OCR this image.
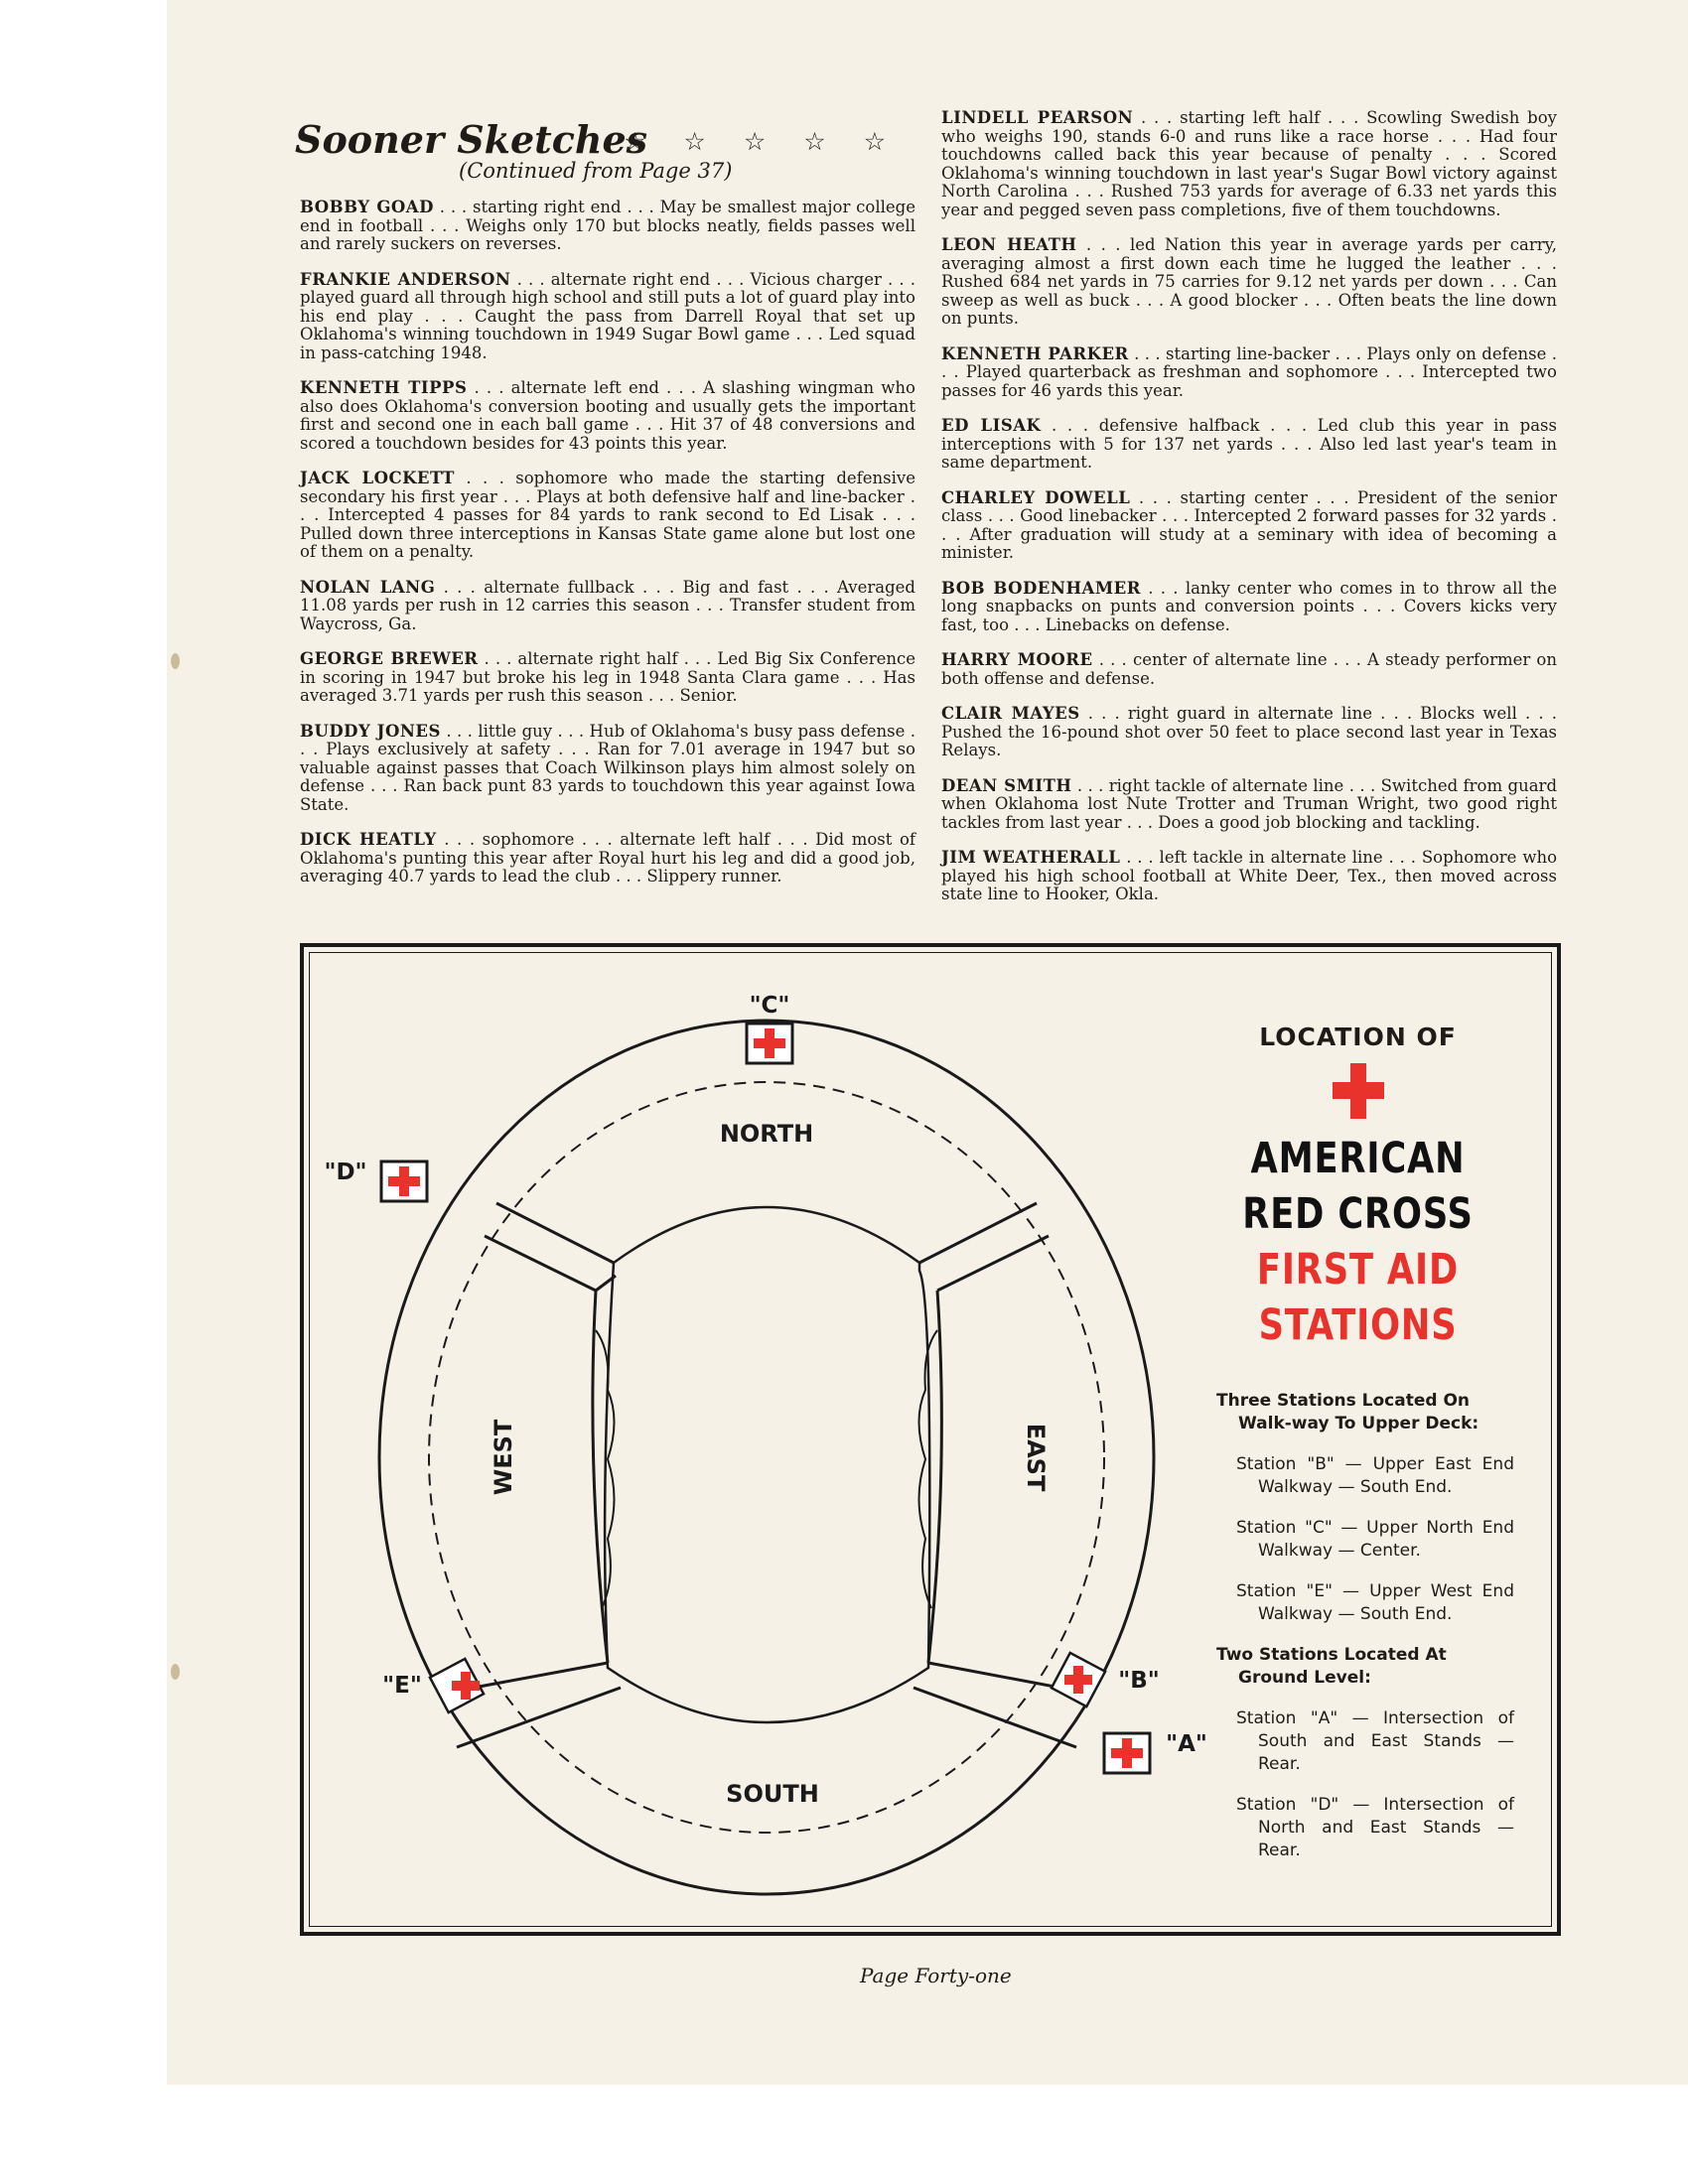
Sooner Sketches
☆☆☆☆☆
(Continued from Page 37)

BOBBY GOAD . . . starting right end . . . May be smallest major college end in football . . . Weighs only 170 but blocks neatly, fields passes well and rarely suckers on reverses.

FRANKIE ANDERSON . . . alternate right end . . . Vicious charger . . . played guard all through high school and still puts a lot of guard play into his end play . . . Caught the pass from Darrell Royal that set up Oklahoma's winning touchdown in 1949 Sugar Bowl game . . . Led squad in pass-catching 1948.

KENNETH TIPPS . . . alternate left end . . . A slashing wingman who also does Oklahoma's conversion booting and usually gets the important first and second one in each ball game . . . Hit 37 of 48 conversions and scored a touchdown besides for 43 points this year.

JACK LOCKETT . . . sophomore who made the starting defensive secondary his first year . . . Plays at both defensive half and line-backer . . . Intercepted 4 passes for 84 yards to rank second to Ed Lisak . . . Pulled down three interceptions in Kansas State game alone but lost one of them on a penalty.

NOLAN LANG . . . alternate fullback . . . Big and fast . . . Averaged 11.08 yards per rush in 12 carries this season . . . Transfer student from Waycross, Ga.

GEORGE BREWER . . . alternate right half . . . Led Big Six Conference in scoring in 1947 but broke his leg in 1948 Santa Clara game . . . Has averaged 3.71 yards per rush this season . . . Senior.

BUDDY JONES . . . little guy . . . Hub of Oklahoma's busy pass defense . . . Plays exclusively at safety . . . Ran for 7.01 average in 1947 but so valuable against passes that Coach Wilkinson plays him almost solely on defense . . . Ran back punt 83 yards to touchdown this year against Iowa State.

DICK HEATLY . . . sophomore . . . alternate left half . . . Did most of Oklahoma's punting this year after Royal hurt his leg and did a good job, averaging 40.7 yards to lead the club . . . Slippery runner.

LINDELL PEARSON . . . starting left half . . . Scowling Swedish boy who weighs 190, stands 6-0 and runs like a race horse . . . Had four touchdowns called back this year because of penalty . . . Scored Oklahoma's winning touchdown in last year's Sugar Bowl victory against North Carolina . . . Rushed 753 yards for average of 6.33 net yards this year and pegged seven pass completions, five of them touchdowns.

LEON HEATH . . . led Nation this year in average yards per carry, averaging almost a first down each time he lugged the leather . . . Rushed 684 net yards in 75 carries for 9.12 net yards per down . . . Can sweep as well as buck . . . A good blocker . . . Often beats the line down on punts.

KENNETH PARKER . . . starting line-backer . . . Plays only on defense . . . Played quarterback as freshman and sophomore . . . Intercepted two passes for 46 yards this year.

ED LISAK . . . defensive halfback . . . Led club this year in pass interceptions with 5 for 137 net yards . . . Also led last year's team in same department.

CHARLEY DOWELL . . . starting center . . . President of the senior class . . . Good linebacker . . . Intercepted 2 forward passes for 32 yards . . . After graduation will study at a seminary with idea of becoming a minister.

BOB BODENHAMER . . . lanky center who comes in to throw all the long snapbacks on punts and conversion points . . . Covers kicks very fast, too . . . Linebacks on defense.

HARRY MOORE . . . center of alternate line . . . A steady performer on both offense and defense.

CLAIR MAYES . . . right guard in alternate line . . . Blocks well . . . Pushed the 16-pound shot over 50 feet to place second last year in Texas Relays.

DEAN SMITH . . . right tackle of alternate line . . . Switched from guard when Oklahoma lost Nute Trotter and Truman Wright, two good right tackles from last year . . . Does a good job blocking and tackling.

JIM WEATHERALL . . . left tackle in alternate line . . . Sophomore who played his high school football at White Deer, Tex., then moved across state line to Hooker, Okla.

NORTH
SOUTH
WEST	EAST
"C"
"D"
"E"	"B"
"A"
LOCATION OF
AMERICAN
RED CROSS
FIRST AID
STATIONS

Three Stations Located On Walk-way To Upper Deck:

Station "B" — Upper East End Walkway — South End.

Station "C" — Upper North End Walkway — Center.

Station "E" — Upper West End Walkway — South End.

Two Stations Located At Ground Level:

Station "A" — Intersection of South and East Stands — Rear.

Station "D" — Intersection of North and East Stands — Rear.

Page Forty-one
